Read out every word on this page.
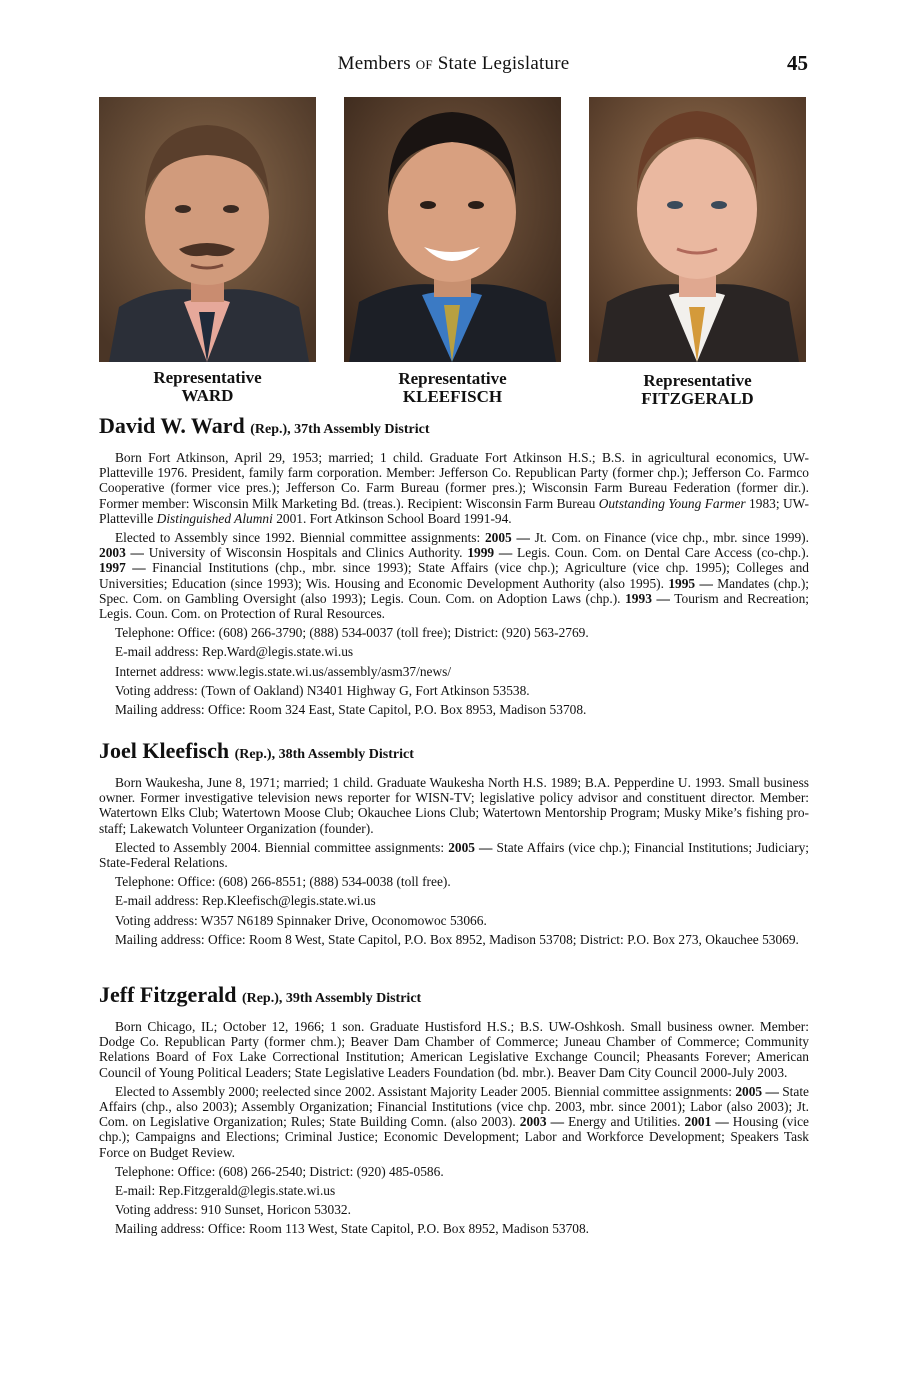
Members of State Legislature	45
Representative
WARD
Representative
KLEEFISCH
Representative
FITZGERALD
David W. Ward (Rep.), 37th Assembly District

Born Fort Atkinson, April 29, 1953; married; 1 child. Graduate Fort Atkinson H.S.; B.S. in agricultural economics, UW-Platteville 1976. President, family farm corporation. Member: Jefferson Co. Republican Party (former chp.); Jefferson Co. Farmco Cooperative (former vice pres.); Jefferson Co. Farm Bureau (former pres.); Wisconsin Farm Bureau Federation (former dir.). Former member: Wisconsin Milk Marketing Bd. (treas.). Recipient: Wisconsin Farm Bureau Outstanding Young Farmer 1983; UW-Platteville Distinguished Alumni 2001. Fort Atkinson School Board 1991-94.

Elected to Assembly since 1992. Biennial committee assignments: 2005 — Jt. Com. on Finance (vice chp., mbr. since 1999). 2003 — University of Wisconsin Hospitals and Clinics Authority. 1999 — Legis. Coun. Com. on Dental Care Access (co-chp.). 1997 — Financial Institutions (chp., mbr. since 1993); State Affairs (vice chp.); Agriculture (vice chp. 1995); Colleges and Universities; Education (since 1993); Wis. Housing and Economic Development Authority (also 1995). 1995 — Mandates (chp.); Spec. Com. on Gambling Oversight (also 1993); Legis. Coun. Com. on Adoption Laws (chp.). 1993 — Tourism and Recreation; Legis. Coun. Com. on Protection of Rural Resources.

Telephone: Office: (608) 266-3790; (888) 534-0037 (toll free); District: (920) 563-2769.

E-mail address: Rep.Ward@legis.state.wi.us

Internet address: www.legis.state.wi.us/assembly/asm37/news/

Voting address: (Town of Oakland) N3401 Highway G, Fort Atkinson 53538.

Mailing address: Office: Room 324 East, State Capitol, P.O. Box 8953, Madison 53708.

Joel Kleefisch (Rep.), 38th Assembly District

Born Waukesha, June 8, 1971; married; 1 child. Graduate Waukesha North H.S. 1989; B.A. Pepperdine U. 1993. Small business owner. Former investigative television news reporter for WISN-TV; legislative policy advisor and constituent director. Member: Watertown Elks Club; Watertown Moose Club; Okauchee Lions Club; Watertown Mentorship Program; Musky Mike’s fishing pro-staff; Lakewatch Volunteer Organization (founder).

Elected to Assembly 2004. Biennial committee assignments: 2005 — State Affairs (vice chp.); Financial Institutions; Judiciary; State-Federal Relations.

Telephone: Office: (608) 266-8551; (888) 534-0038 (toll free).

E-mail address: Rep.Kleefisch@legis.state.wi.us

Voting address: W357 N6189 Spinnaker Drive, Oconomowoc 53066.

Mailing address: Office: Room 8 West, State Capitol, P.O. Box 8952, Madison 53708; District: P.O. Box 273, Okauchee 53069.

Jeff Fitzgerald (Rep.), 39th Assembly District

Born Chicago, IL; October 12, 1966; 1 son. Graduate Hustisford H.S.; B.S. UW-Oshkosh. Small business owner. Member: Dodge Co. Republican Party (former chm.); Beaver Dam Chamber of Commerce; Juneau Chamber of Commerce; Community Relations Board of Fox Lake Correctional Institution; American Legislative Exchange Council; Pheasants Forever; American Council of Young Political Leaders; State Legislative Leaders Foundation (bd. mbr.). Beaver Dam City Council 2000-July 2003.

Elected to Assembly 2000; reelected since 2002. Assistant Majority Leader 2005. Biennial committee assignments: 2005 — State Affairs (chp., also 2003); Assembly Organization; Financial Institutions (vice chp. 2003, mbr. since 2001); Labor (also 2003); Jt. Com. on Legislative Organization; Rules; State Building Comn. (also 2003). 2003 — Energy and Utilities. 2001 — Housing (vice chp.); Campaigns and Elections; Criminal Justice; Economic Development; Labor and Workforce Development; Speakers Task Force on Budget Review.

Telephone: Office: (608) 266-2540; District: (920) 485-0586.

E-mail: Rep.Fitzgerald@legis.state.wi.us

Voting address: 910 Sunset, Horicon 53032.

Mailing address: Office: Room 113 West, State Capitol, P.O. Box 8952, Madison 53708.
